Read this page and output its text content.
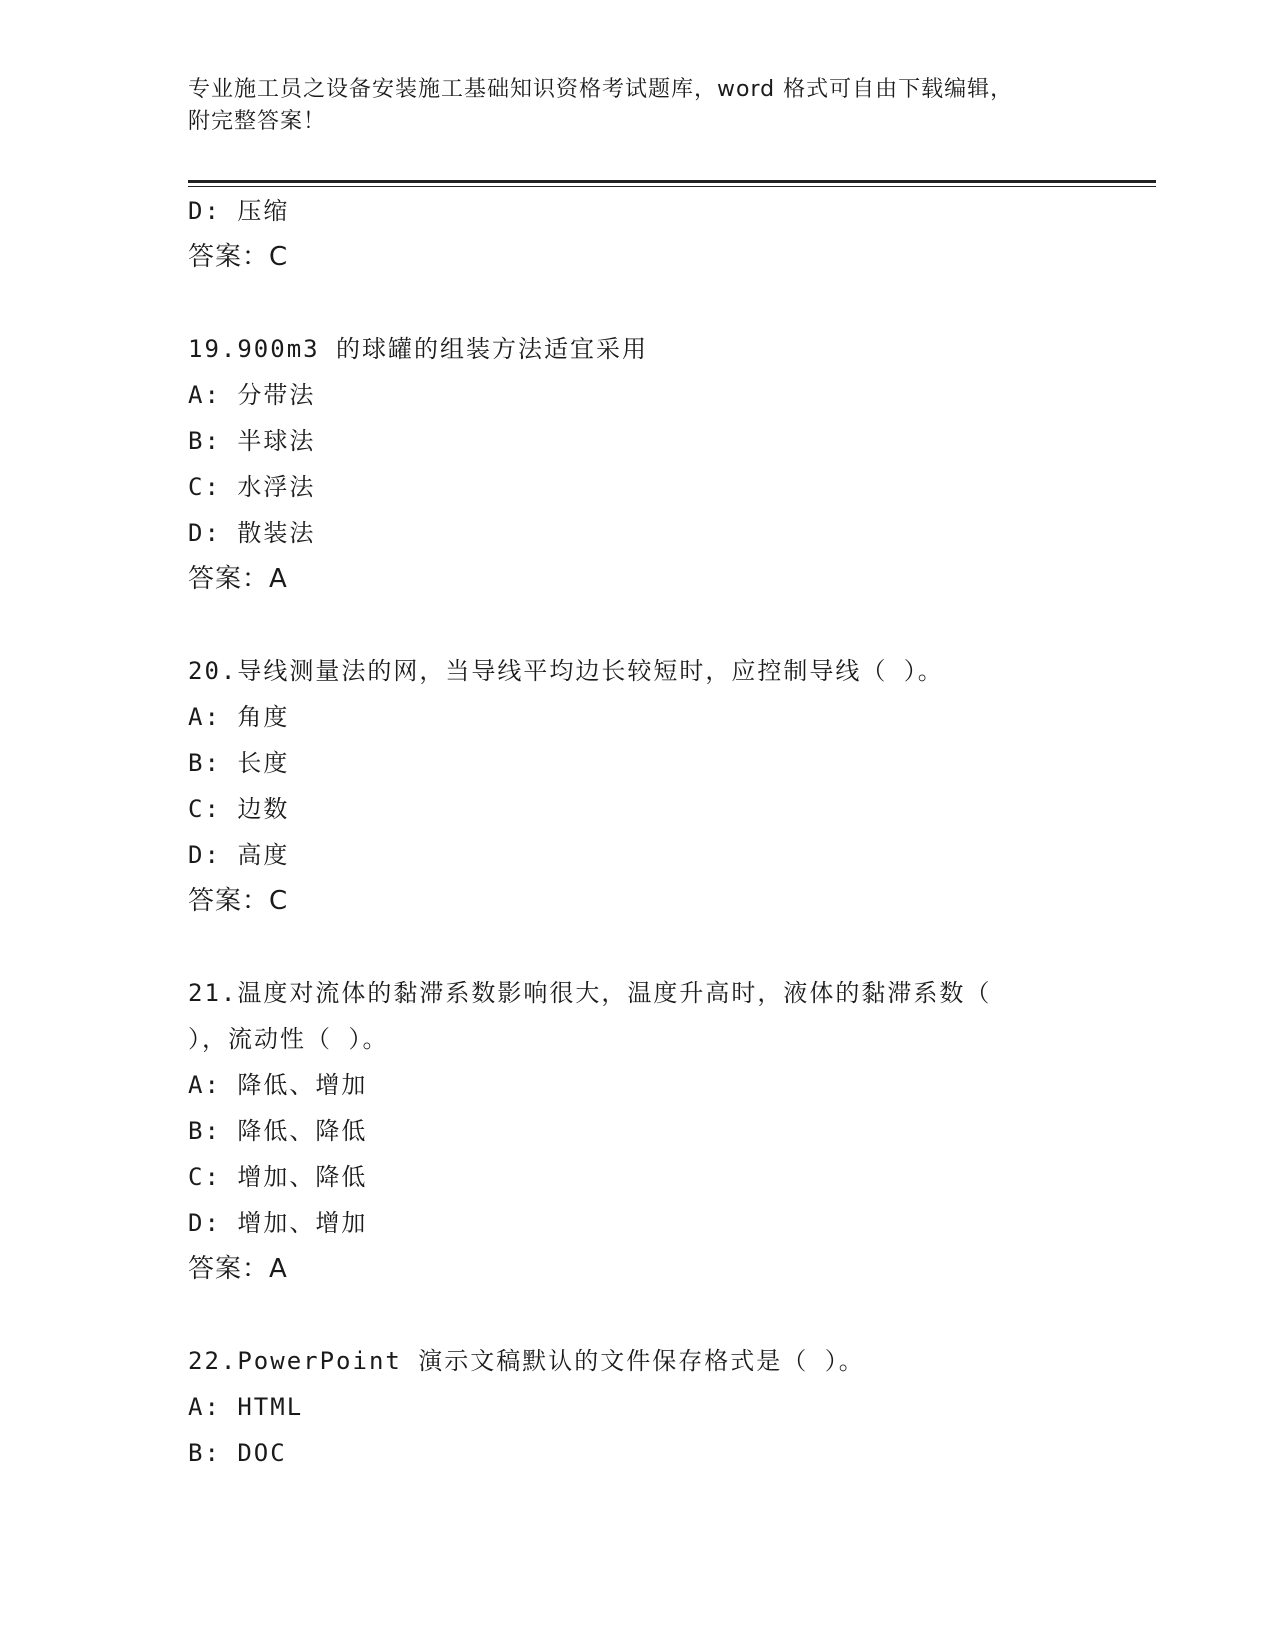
专业施工员之设备安装施工基础知识资格考试题库，word 格式可自由下载编辑，
附完整答案！
D: 压缩
答案：C
19.900m3 的球罐的组装方法适宜采用
A: 分带法
B: 半球法
C: 水浮法
D: 散装法
答案：A
20.导线测量法的网，当导线平均边长较短时，应控制导线（ ）。
A: 角度
B: 长度
C: 边数
D: 高度
答案：C
21.温度对流体的黏滞系数影响很大，温度升高时，液体的黏滞系数（
），流动性（ ）。
A: 降低、增加
B: 降低、降低
C: 增加、降低
D: 增加、增加
答案：A
22.PowerPoint 演示文稿默认的文件保存格式是（ ）。
A: HTML
B: DOC
